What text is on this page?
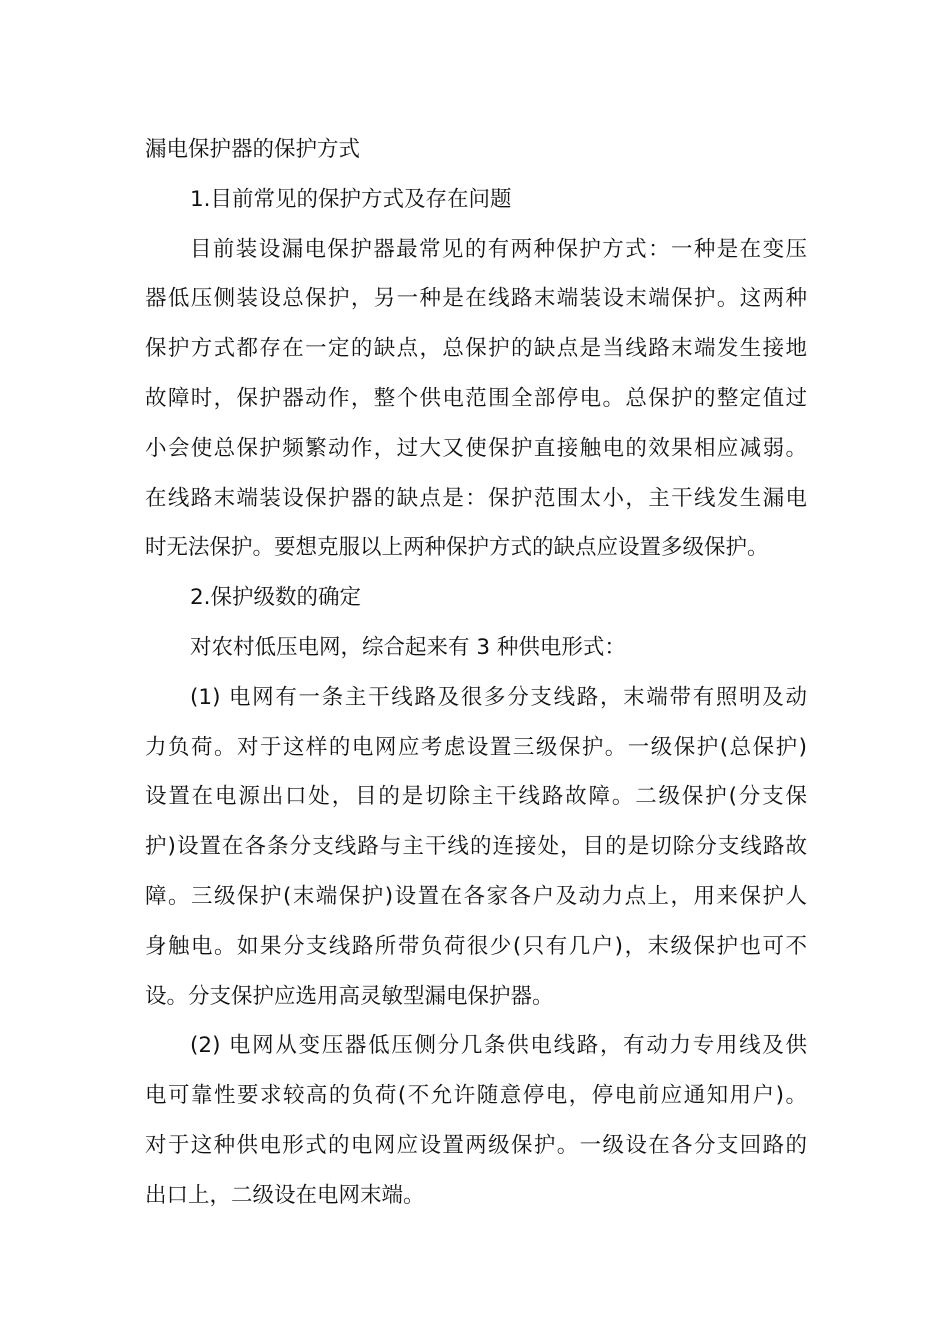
漏电保护器的保护方式
1.目前常见的保护方式及存在问题
目前装设漏电保护器最常见的有两种保护方式：一种是在变压
器低压侧装设总保护，另一种是在线路末端装设末端保护。这两种
保护方式都存在一定的缺点，总保护的缺点是当线路末端发生接地
故障时，保护器动作，整个供电范围全部停电。总保护的整定值过
小会使总保护频繁动作，过大又使保护直接触电的效果相应减弱。
在线路末端装设保护器的缺点是：保护范围太小，主干线发生漏电
时无法保护。要想克服以上两种保护方式的缺点应设置多级保护。
2.保护级数的确定
对农村低压电网，综合起来有 3 种供电形式：
(1) 电网有一条主干线路及很多分支线路，末端带有照明及动
力负荷。对于这样的电网应考虑设置三级保护。一级保护(总保护)
设置在电源出口处，目的是切除主干线路故障。二级保护(分支保
护)设置在各条分支线路与主干线的连接处，目的是切除分支线路故
障。三级保护(末端保护)设置在各家各户及动力点上，用来保护人
身触电。如果分支线路所带负荷很少(只有几户)，末级保护也可不
设。分支保护应选用高灵敏型漏电保护器。
(2) 电网从变压器低压侧分几条供电线路，有动力专用线及供
电可靠性要求较高的负荷(不允许随意停电，停电前应通知用户)。
对于这种供电形式的电网应设置两级保护。一级设在各分支回路的
出口上，二级设在电网末端。
